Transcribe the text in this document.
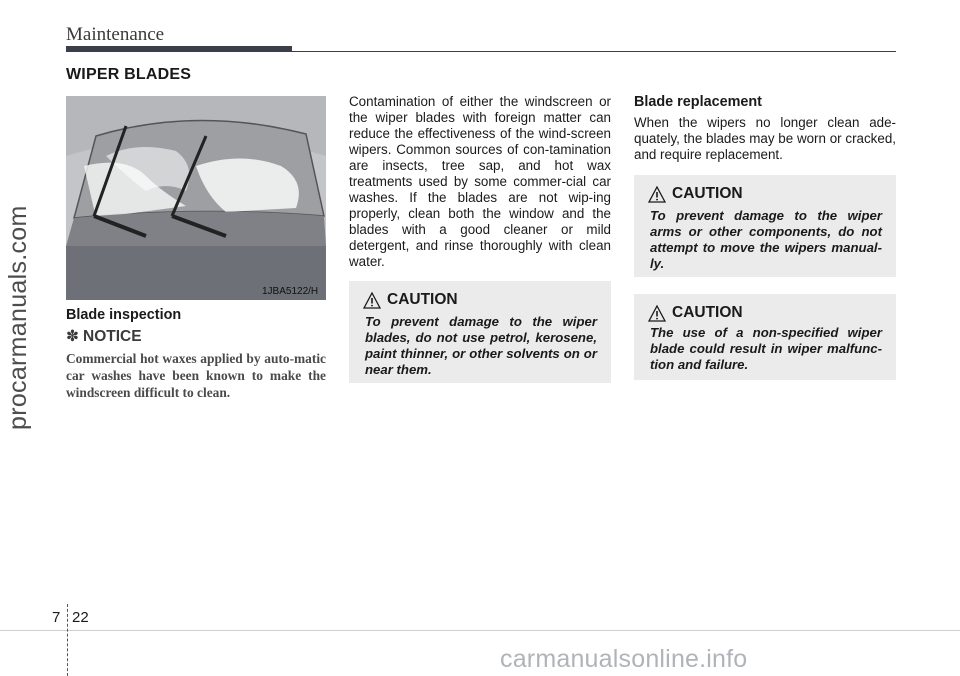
Maintenance
WIPER BLADES
1JBA5122/H
Blade inspection
✽ NOTICE
Commercial hot waxes applied by auto-matic car washes have been known to make the windscreen difficult to clean.
Contamination of either the windscreen or the wiper blades with foreign matter can reduce the effectiveness of the wind-screen wipers. Common sources of con-tamination are insects, tree sap, and hot wax treatments used by some commer-cial car washes. If the blades are not wip-ing properly, clean both the window and the blades with a good cleaner or mild detergent, and rinse thoroughly with clean water.
CAUTION
To prevent damage to the wiper blades, do not use petrol, kerosene, paint thinner, or other solvents on or near them.
Blade replacement
When the wipers no longer clean ade-quately, the blades may be worn or cracked, and require replacement.
CAUTION
To prevent damage to the wiper arms or other components, do not attempt to move the wipers manual-ly.
CAUTION
The use of a non-specified wiper blade could result in wiper malfunc-tion and failure.
procarmanuals.com
7 22
carmanualsonline.info
